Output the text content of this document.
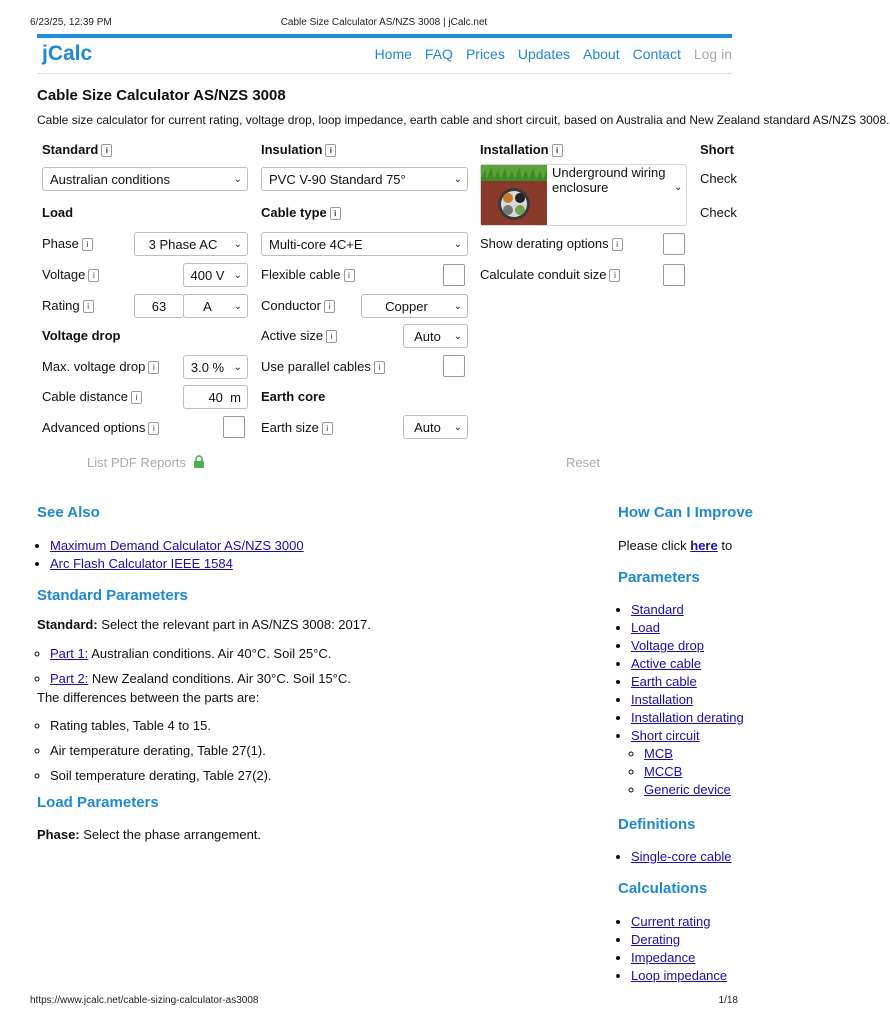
6/23/25, 12:39 PM	Cable Size Calculator AS/NZS 3008 | jCalc.net
jCalc	Home FAQ Prices Updates About Contact Log in
Cable Size Calculator AS/NZS 3008
Cable size calculator for current rating, voltage drop, loop impedance, earth cable and short circuit, based on Australia and New Zealand standard AS/NZS 3008.
Standard i
Australian conditions	⌄
Load
Phase i	3 Phase AC ⌄
Voltage i	400 V ⌄
Rating i	63	A ⌄
Voltage drop
Max. voltage drop i	3.0 % ⌄
Cable distance i	40 m
Advanced options i
List PDF Reports
Insulation i
PVC V-90 Standard 75°	⌄
Cable type i
Multi-core 4C+E	⌄
Flexible cable i
Conductor i	Copper	⌄
Active size i	Auto ⌄
Use parallel cables i
Earth core
Earth size i	Auto ⌄
Installation i
Underground wiring enclosure	⌄
Show derating options i
Calculate conduit size i
Reset
Short
Check
Check
See Also
• Maximum Demand Calculator AS/NZS 3000
• Arc Flash Calculator IEEE 1584
Standard Parameters
Standard: Select the relevant part in AS/NZS 3008: 2017.
◦ Part 1: Australian conditions. Air 40°C. Soil 25°C.
◦ Part 2: New Zealand conditions. Air 30°C. Soil 15°C.
The differences between the parts are:
◦ Rating tables, Table 4 to 15.
◦ Air temperature derating, Table 27(1).
◦ Soil temperature derating, Table 27(2).
Load Parameters
Phase: Select the phase arrangement.
How Can I Improve
Please click here to
Parameters
• Standard
• Load
• Voltage drop
• Active cable
• Earth cable
• Installation
• Installation derating
• Short circuit
◦ MCB
◦ MCCB
◦ Generic device
Definitions
• Single-core cable
Calculations
• Current rating
• Derating
• Impedance
• Loop impedance
https://www.jcalc.net/cable-sizing-calculator-as3008	1/18
